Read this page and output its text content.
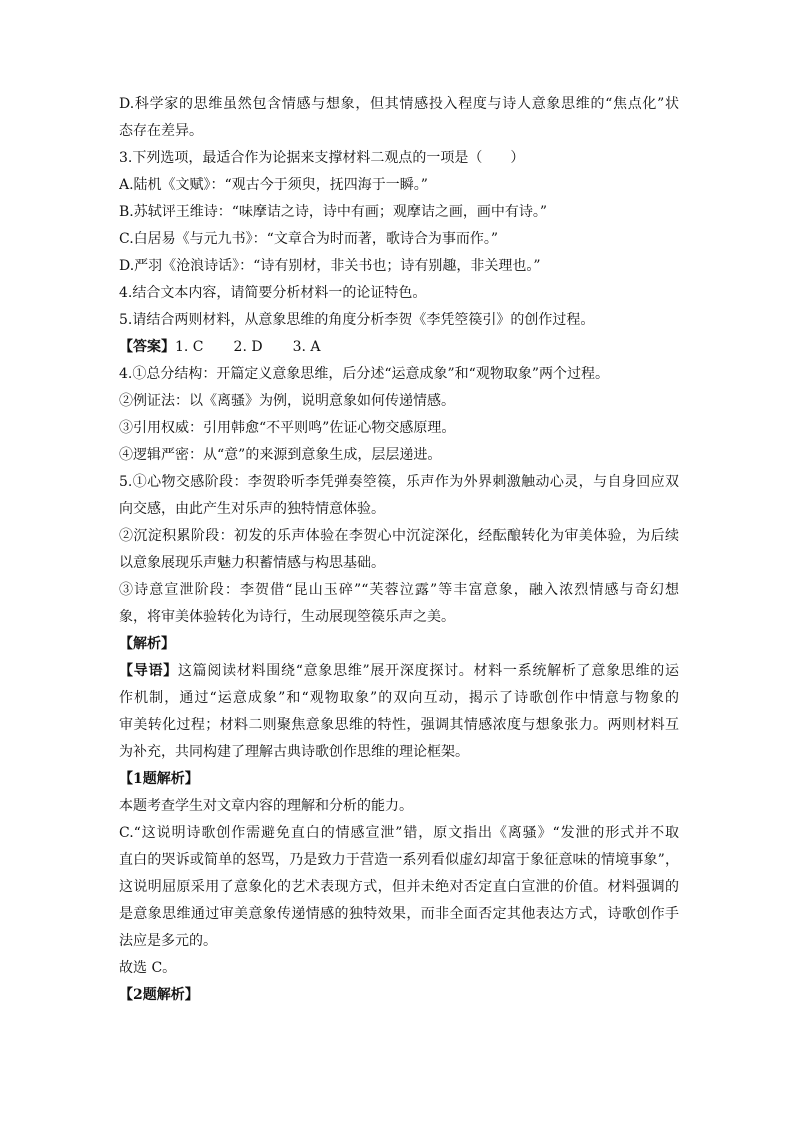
D.科学家的思维虽然包含情感与想象，但其情感投入程度与诗人意象思维的“焦点化”状
态存在差异。
3.下列选项，最适合作为论据来支撑材料二观点的一项是（　　）
A.陆机《文赋》：“观古今于须臾，抚四海于一瞬。”
B.苏轼评王维诗：“味摩诘之诗，诗中有画；观摩诘之画，画中有诗。”
C.白居易《与元九书》：“文章合为时而著，歌诗合为事而作。”
D.严羽《沧浪诗话》：“诗有别材，非关书也；诗有别趣，非关理也。”
4.结合文本内容，请简要分析材料一的论证特色。
5.请结合两则材料，从意象思维的角度分析李贺《李凭箜篌引》的创作过程。
【答案】1. C 2. D 3. A
4.①总分结构：开篇定义意象思维，后分述“运意成象”和“观物取象”两个过程。
②例证法：以《离骚》为例，说明意象如何传递情感。
③引用权威：引用韩愈“不平则鸣”佐证心物交感原理。
④逻辑严密：从“意”的来源到意象生成，层层递进。
5.①心物交感阶段：李贺聆听李凭弹奏箜篌，乐声作为外界刺激触动心灵，与自身回应双
向交感，由此产生对乐声的独特情意体验。
②沉淀积累阶段：初发的乐声体验在李贺心中沉淀深化，经酝酿转化为审美体验，为后续
以意象展现乐声魅力积蓄情感与构思基础。
③诗意宣泄阶段：李贺借“昆山玉碎”“芙蓉泣露”等丰富意象，融入浓烈情感与奇幻想
象，将审美体验转化为诗行，生动展现箜篌乐声之美。
【解析】
【导语】这篇阅读材料围绕“意象思维”展开深度探讨。材料一系统解析了意象思维的运
作机制，通过“运意成象”和“观物取象”的双向互动，揭示了诗歌创作中情意与物象的
审美转化过程；材料二则聚焦意象思维的特性，强调其情感浓度与想象张力。两则材料互
为补充，共同构建了理解古典诗歌创作思维的理论框架。
【1题解析】
本题考查学生对文章内容的理解和分析的能力。
C.“这说明诗歌创作需避免直白的情感宣泄”错，原文指出《离骚》“发泄的形式并不取
直白的哭诉或简单的怒骂，乃是致力于营造一系列看似虚幻却富于象征意味的情境事象”，
这说明屈原采用了意象化的艺术表现方式，但并未绝对否定直白宣泄的价值。材料强调的
是意象思维通过审美意象传递情感的独特效果，而非全面否定其他表达方式，诗歌创作手
法应是多元的。
故选 C。
【2题解析】
